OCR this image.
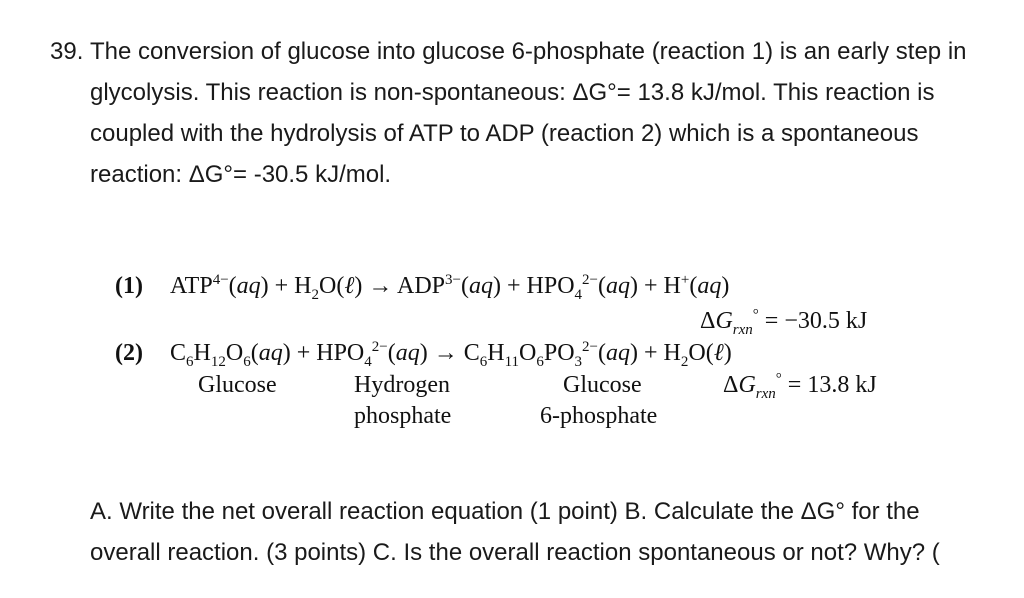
39. The conversion of glucose into glucose 6-phosphate (reaction 1) is an early step in
glycolysis. This reaction is non-spontaneous: ΔG°= 13.8 kJ/mol. This reaction is
coupled with the hydrolysis of ATP to ADP (reaction 2) which is a spontaneous
reaction: ΔG°= -30.5 kJ/mol.
(1) $ATP^{4-}(aq)$ + $H_2O(\ell) \to ADP^{3-}(aq) + HPO_4^{2-}(aq) + H^+(aq)$
$\Delta G_{rxn}^\circ = -30.5$ kJ
(2) $C_6H_{12}O_6(aq) + HPO_4^{2-}(aq) \to C_6H_{11}O_6PO_3^{2-}(aq)$ + $H_2O(\ell)$
Glucose	Hydrogen
phosphate
Glucose
6-phosphate
$\Delta G_{rxn}^\circ = 13.8$ kJ
A. Write the net overall reaction equation (1 point) B. Calculate the ΔG° for the
overall reaction. (3 points) C. Is the overall reaction spontaneous or not? Why? (
